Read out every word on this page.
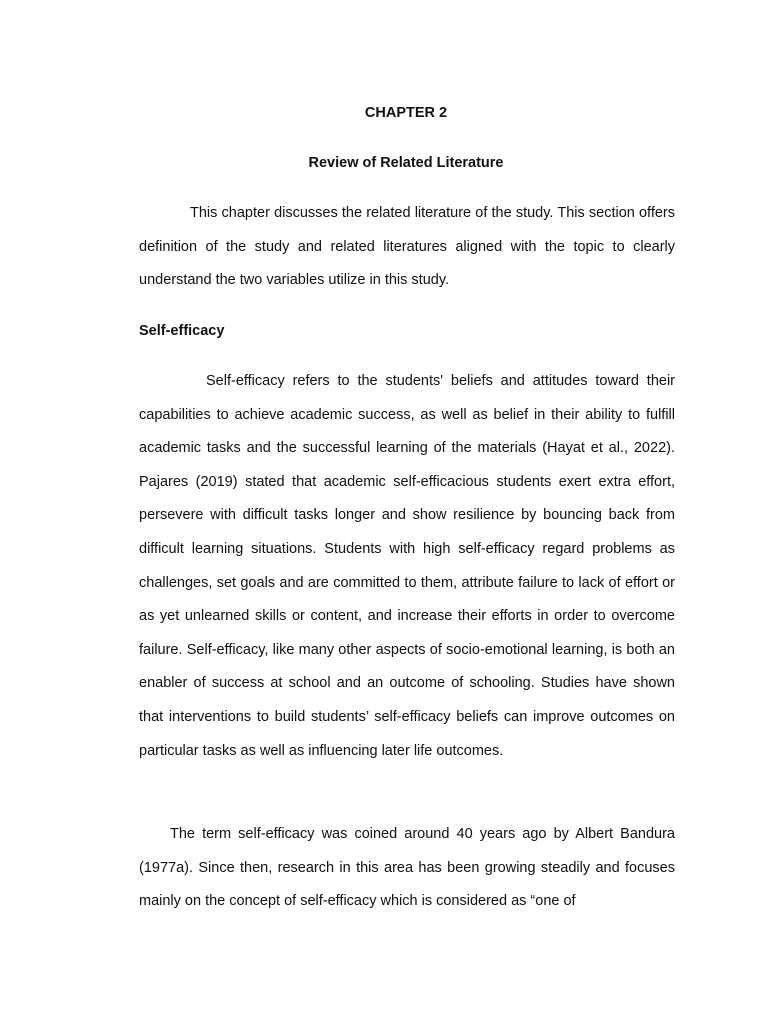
CHAPTER 2
Review of Related Literature

This chapter discusses the related literature of the study. This section offers definition of the study and related literatures aligned with the topic to clearly understand the two variables utilize in this study.

Self-efficacy

Self-efficacy refers to the students' beliefs and attitudes toward their capabilities to achieve academic success, as well as belief in their ability to fulfill academic tasks and the successful learning of the materials (Hayat et al., 2022). Pajares (2019) stated that academic self-efficacious students exert extra effort, persevere with difficult tasks longer and show resilience by bouncing back from difficult learning situations. Students with high self-efficacy regard problems as challenges, set goals and are committed to them, attribute failure to lack of effort or as yet unlearned skills or content, and increase their efforts in order to overcome failure. Self-efficacy, like many other aspects of socio-emotional learning, is both an enabler of success at school and an outcome of schooling. Studies have shown that interventions to build students’ self-efficacy beliefs can improve outcomes on particular tasks as well as influencing later life outcomes.

The term self-efficacy was coined around 40 years ago by Albert Bandura (1977a). Since then, research in this area has been growing steadily and focuses mainly on the concept of self-efficacy which is considered as “one of
